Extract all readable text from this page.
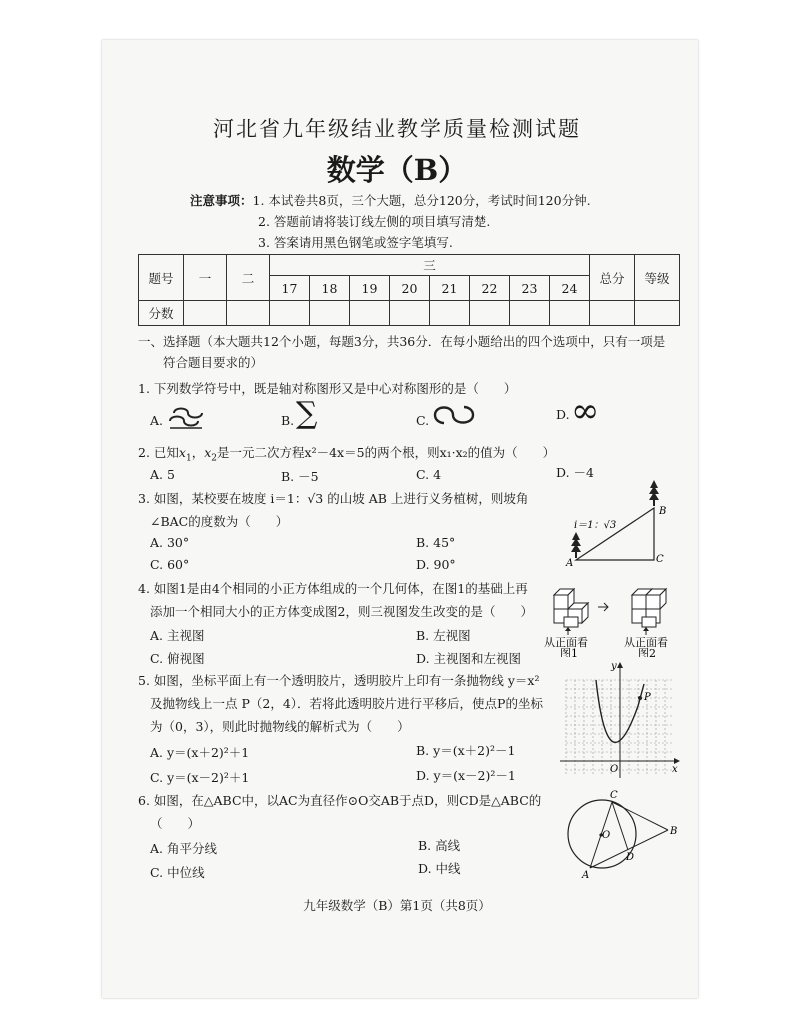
河北省九年级结业教学质量检测试题
数学（B）
注意事项：1. 本试卷共8页，三个大题，总分120分，考试时间120分钟.
2. 答题前请将装订线左侧的项目填写清楚.
3. 答案请用黑色钢笔或签字笔填写.
题号	一	二	三								总分	等级
			17	18	19	20	21	22	23	24		
分数												
一、选择题（本大题共12个小题，每题3分，共36分．在每小题给出的四个选项中，只有一项是
符合题目要求的）
1. 下列数学符号中，既是轴对称图形又是中心对称图形的是（　　）
A.	B. ∑	C.	D. ∞
2. 已知$x_1$，$x_2$是一元二次方程x²－4x＝5的两个根，则x₁·x₂的值为（　　）
A. 5	B. －5	C. 4	D. －4
3. 如图，某校要在坡度 i＝1：√3 的山坡 AB 上进行义务植树，则坡角
∠BAC的度数为（　　）
A. 30°	B. 45°
C. 60°	D. 90°
i＝1：√3
B
A	C
4. 如图1是由4个相同的小正方体组成的一个几何体，在图1的基础上再
添加一个相同大小的正方体变成图2，则三视图发生改变的是（　　）
A. 主视图	B. 左视图
C. 俯视图	D. 主视图和左视图
从正面看	从正面看
图1	图2
5. 如图，坐标平面上有一个透明胶片，透明胶片上印有一条抛物线 y＝x²
及抛物线上一点 P（2，4）．若将此透明胶片进行平移后，使点P的坐标
为（0，3），则此时抛物线的解析式为（　　）
A. y＝(x＋2)²＋1	B. y＝(x＋2)²－1
C. y＝(x－2)²＋1	D. y＝(x－2)²－1
y
x
O
P
6. 如图，在△ABC中，以AC为直径作⊙O交AB于点D，则CD是△ABC的
（　　）
A. 角平分线	B. 高线
C. 中位线	D. 中线
C
B
A
D
O
九年级数学（B）第1页（共8页）
